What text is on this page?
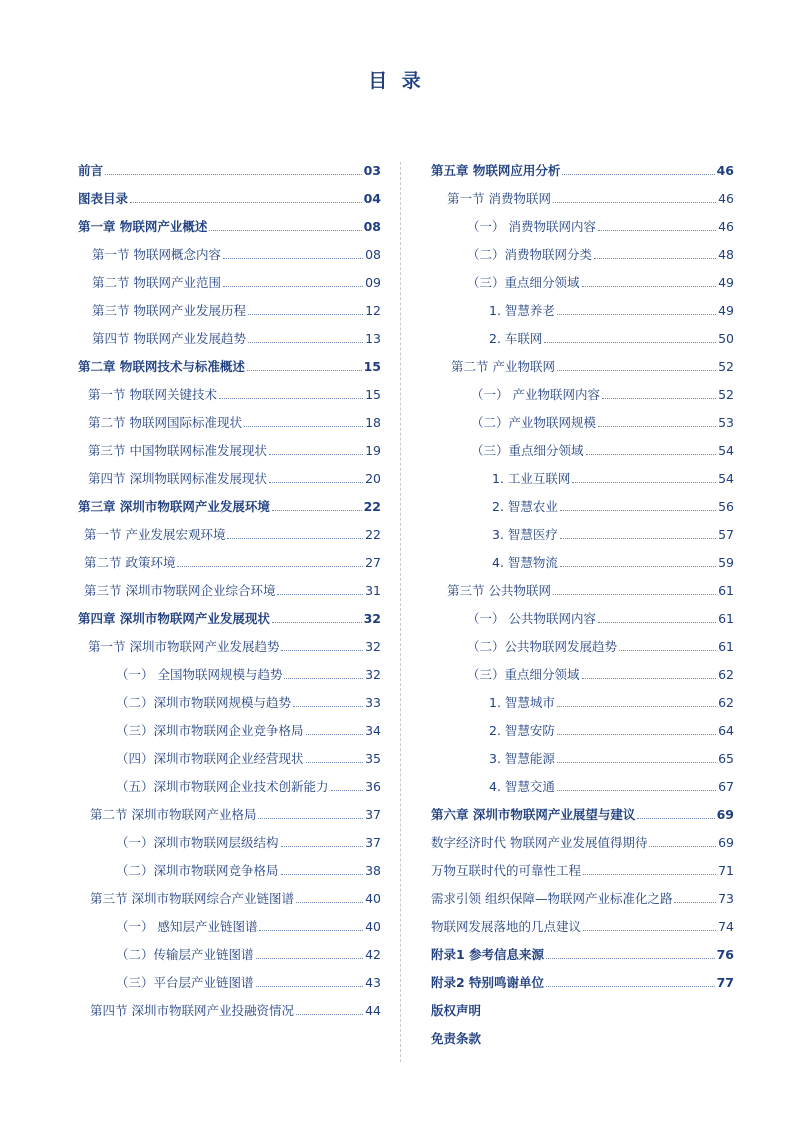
目 录
前言	03
图表目录	04
第一章 物联网产业概述	08
第一节 物联网概念内容	08
第二节 物联网产业范围	09
第三节 物联网产业发展历程	12
第四节 物联网产业发展趋势	13
第二章 物联网技术与标准概述	15
第一节 物联网关键技术	15
第二节 物联网国际标准现状	18
第三节 中国物联网标准发展现状	19
第四节 深圳物联网标准发展现状	20
第三章 深圳市物联网产业发展环境	22
第一节 产业发展宏观环境	22
第二节 政策环境	27
第三节 深圳市物联网企业综合环境	31
第四章 深圳市物联网产业发展现状	32
第一节 深圳市物联网产业发展趋势	32
（一） 全国物联网规模与趋势	32
（二）深圳市物联网规模与趋势	33
（三）深圳市物联网企业竞争格局	34
（四）深圳市物联网企业经营现状	35
（五）深圳市物联网企业技术创新能力	36
第二节 深圳市物联网产业格局	37
（一）深圳市物联网层级结构	37
（二）深圳市物联网竞争格局	38
第三节 深圳市物联网综合产业链图谱	40
（一） 感知层产业链图谱	40
（二）传输层产业链图谱	42
（三）平台层产业链图谱	43
第四节 深圳市物联网产业投融资情况	44
第五章 物联网应用分析	46
第一节 消费物联网	46
（一） 消费物联网内容	46
（二）消费物联网分类	48
（三）重点细分领域	49
1. 智慧养老	49
2. 车联网	50
第二节 产业物联网	52
（一） 产业物联网内容	52
（二）产业物联网规模	53
（三）重点细分领域	54
1. 工业互联网	54
2. 智慧农业	56
3. 智慧医疗	57
4. 智慧物流	59
第三节 公共物联网	61
（一） 公共物联网内容	61
（二）公共物联网发展趋势	61
（三）重点细分领域	62
1. 智慧城市	62
2. 智慧安防	64
3. 智慧能源	65
4. 智慧交通	67
第六章 深圳市物联网产业展望与建议	69
数字经济时代 物联网产业发展值得期待	69
万物互联时代的可靠性工程	71
需求引领 组织保障—物联网产业标准化之路	73
物联网发展落地的几点建议	74
附录1 参考信息来源	76
附录2 特别鸣谢单位	77
版权声明
免责条款
